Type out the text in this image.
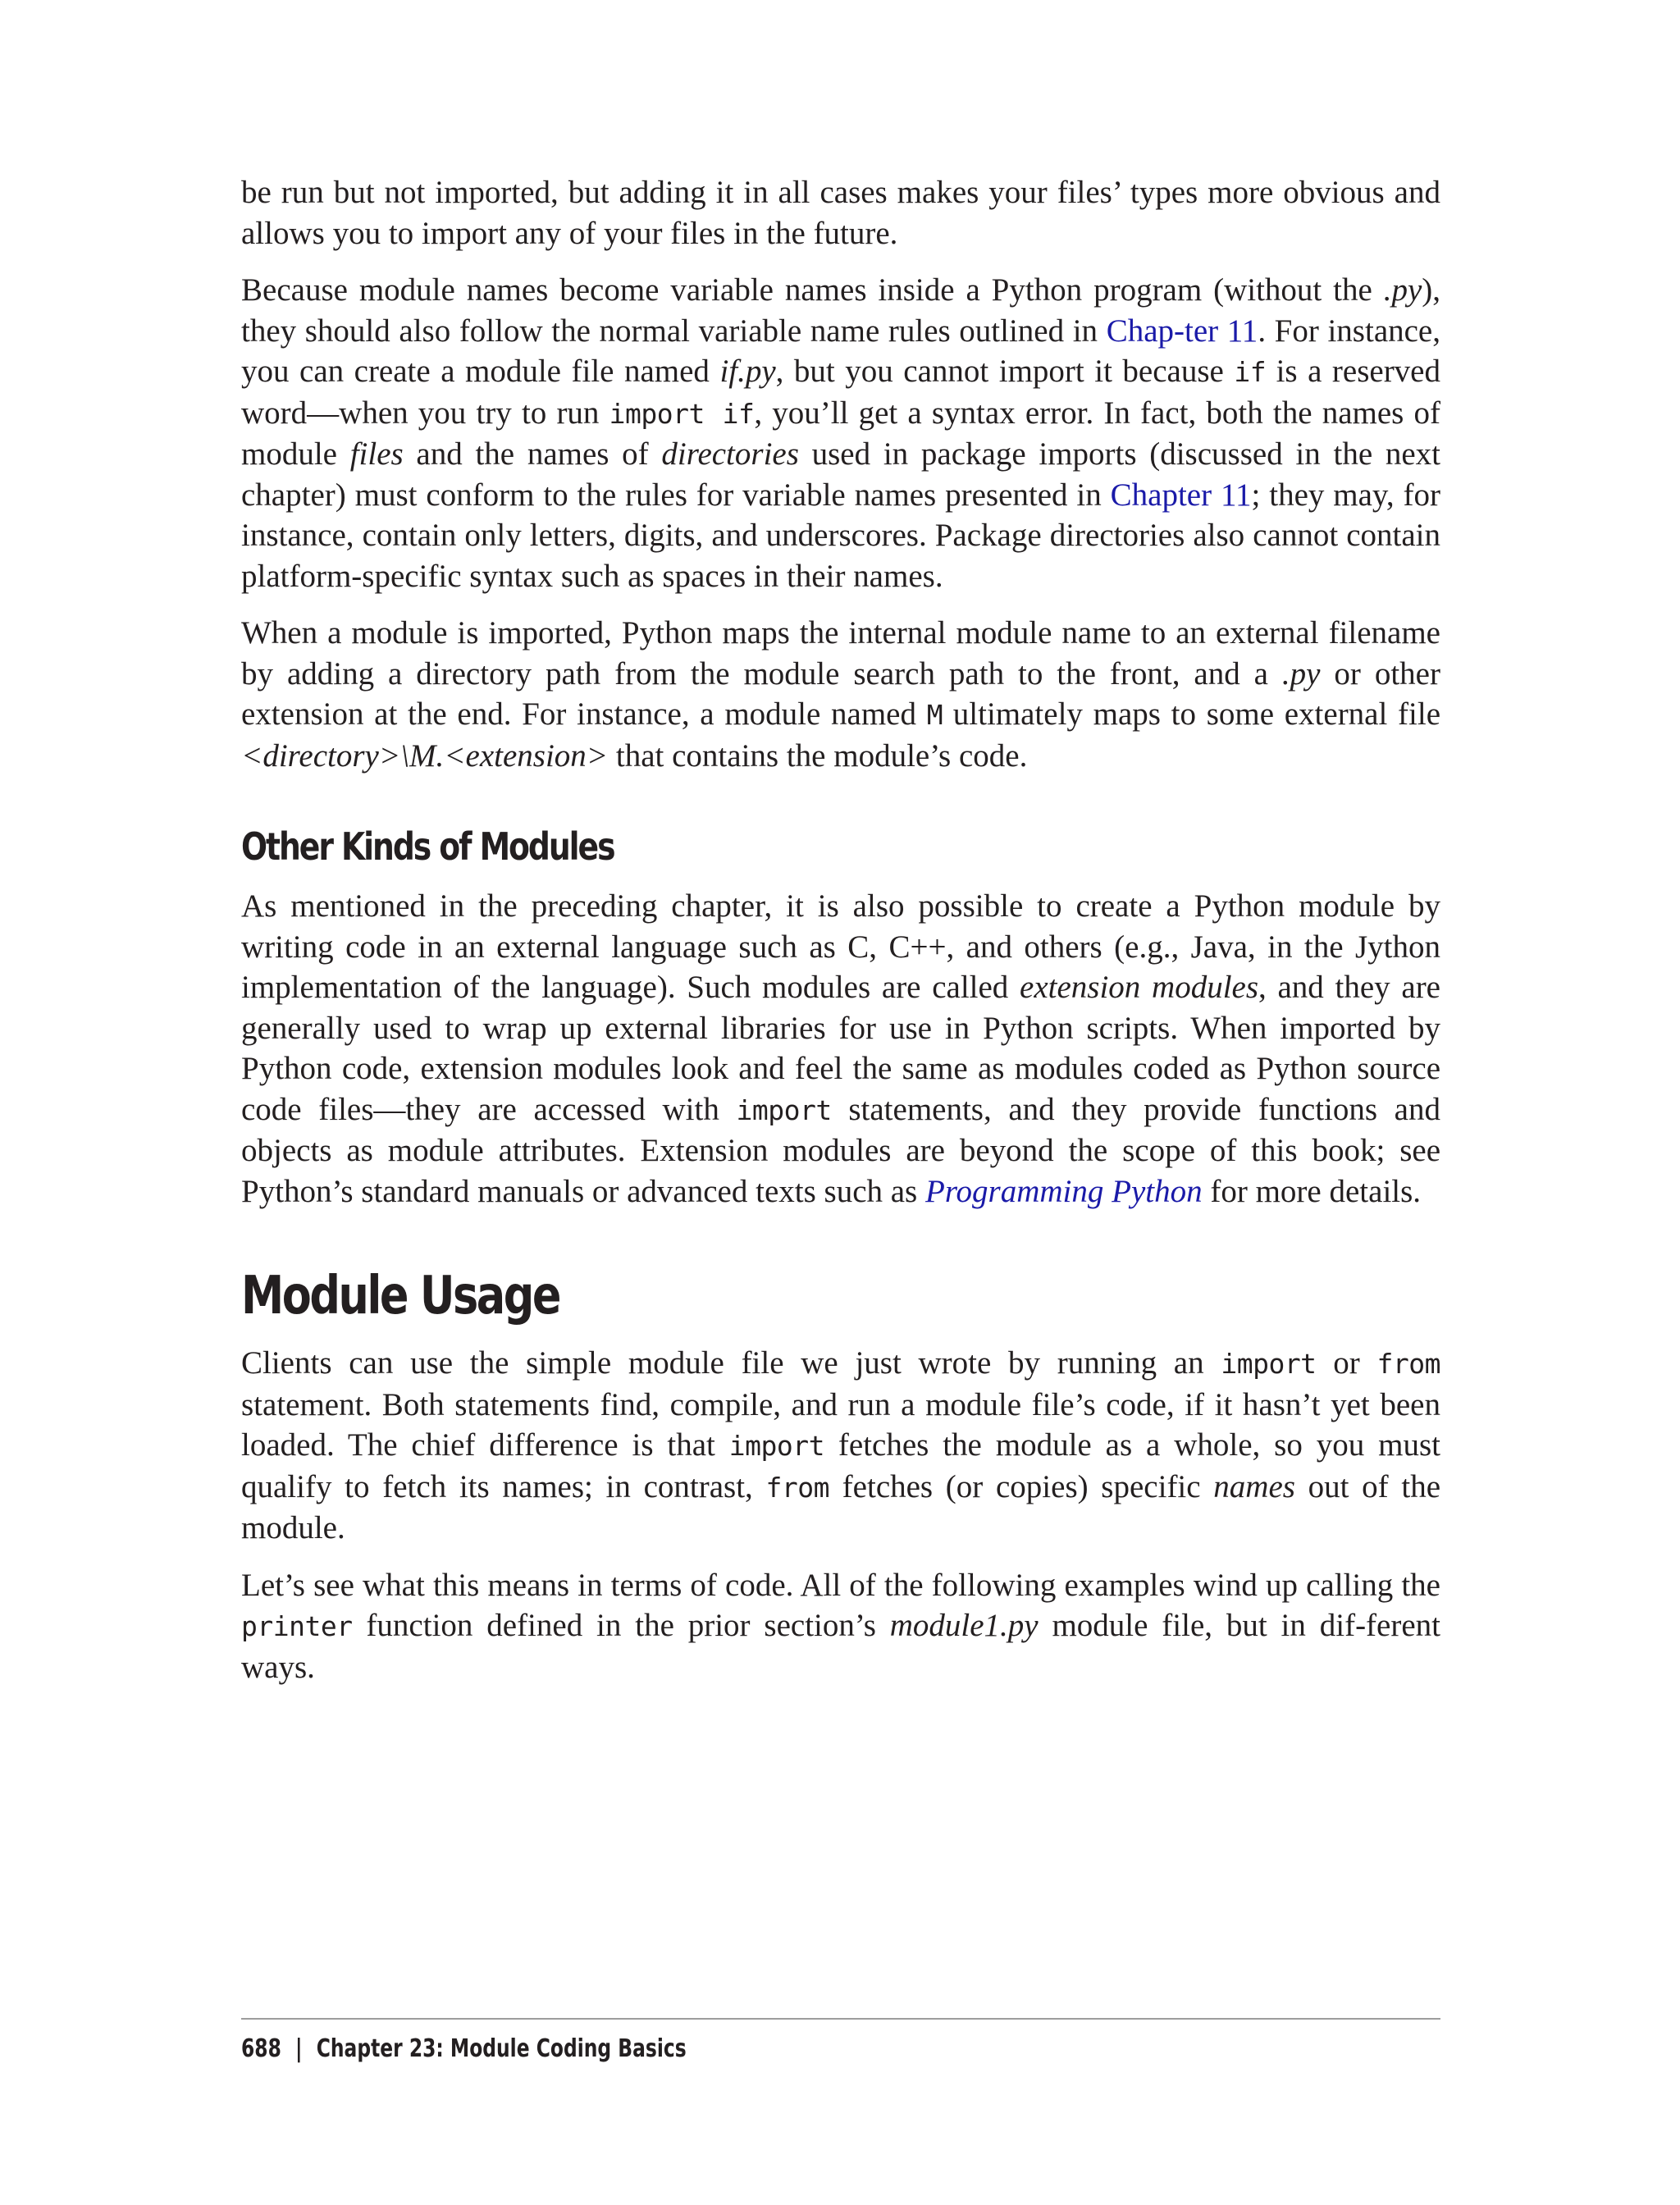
be run but not imported, but adding it in all cases makes your files’ types more obvious and allows you to import any of your files in the future.

Because module names become variable names inside a Python program (without the .py), they should also follow the normal variable name rules outlined in Chap-ter 11. For instance, you can create a module file named if.py, but you cannot import it because if is a reserved word—when you try to run import if, you’ll get a syntax error. In fact, both the names of module files and the names of directories used in package imports (discussed in the next chapter) must conform to the rules for variable names presented in Chapter 11; they may, for instance, contain only letters, digits, and underscores. Package directories also cannot contain platform-specific syntax such as spaces in their names.

When a module is imported, Python maps the internal module name to an external filename by adding a directory path from the module search path to the front, and a .py or other extension at the end. For instance, a module named M ultimately maps to some external file <directory>\M.<extension> that contains the module’s code.

Other Kinds of Modules

As mentioned in the preceding chapter, it is also possible to create a Python module by writing code in an external language such as C, C++, and others (e.g., Java, in the Jython implementation of the language). Such modules are called extension modules, and they are generally used to wrap up external libraries for use in Python scripts. When imported by Python code, extension modules look and feel the same as modules coded as Python source code files—they are accessed with import statements, and they provide functions and objects as module attributes. Extension modules are beyond the scope of this book; see Python’s standard manuals or advanced texts such as Programming Python for more details.

Module Usage

Clients can use the simple module file we just wrote by running an import or from statement. Both statements find, compile, and run a module file’s code, if it hasn’t yet been loaded. The chief difference is that import fetches the module as a whole, so you must qualify to fetch its names; in contrast, from fetches (or copies) specific names out of the module.

Let’s see what this means in terms of code. All of the following examples wind up calling the printer function defined in the prior section’s module1.py module file, but in dif-ferent ways.

688 | Chapter 23: Module Coding Basics
